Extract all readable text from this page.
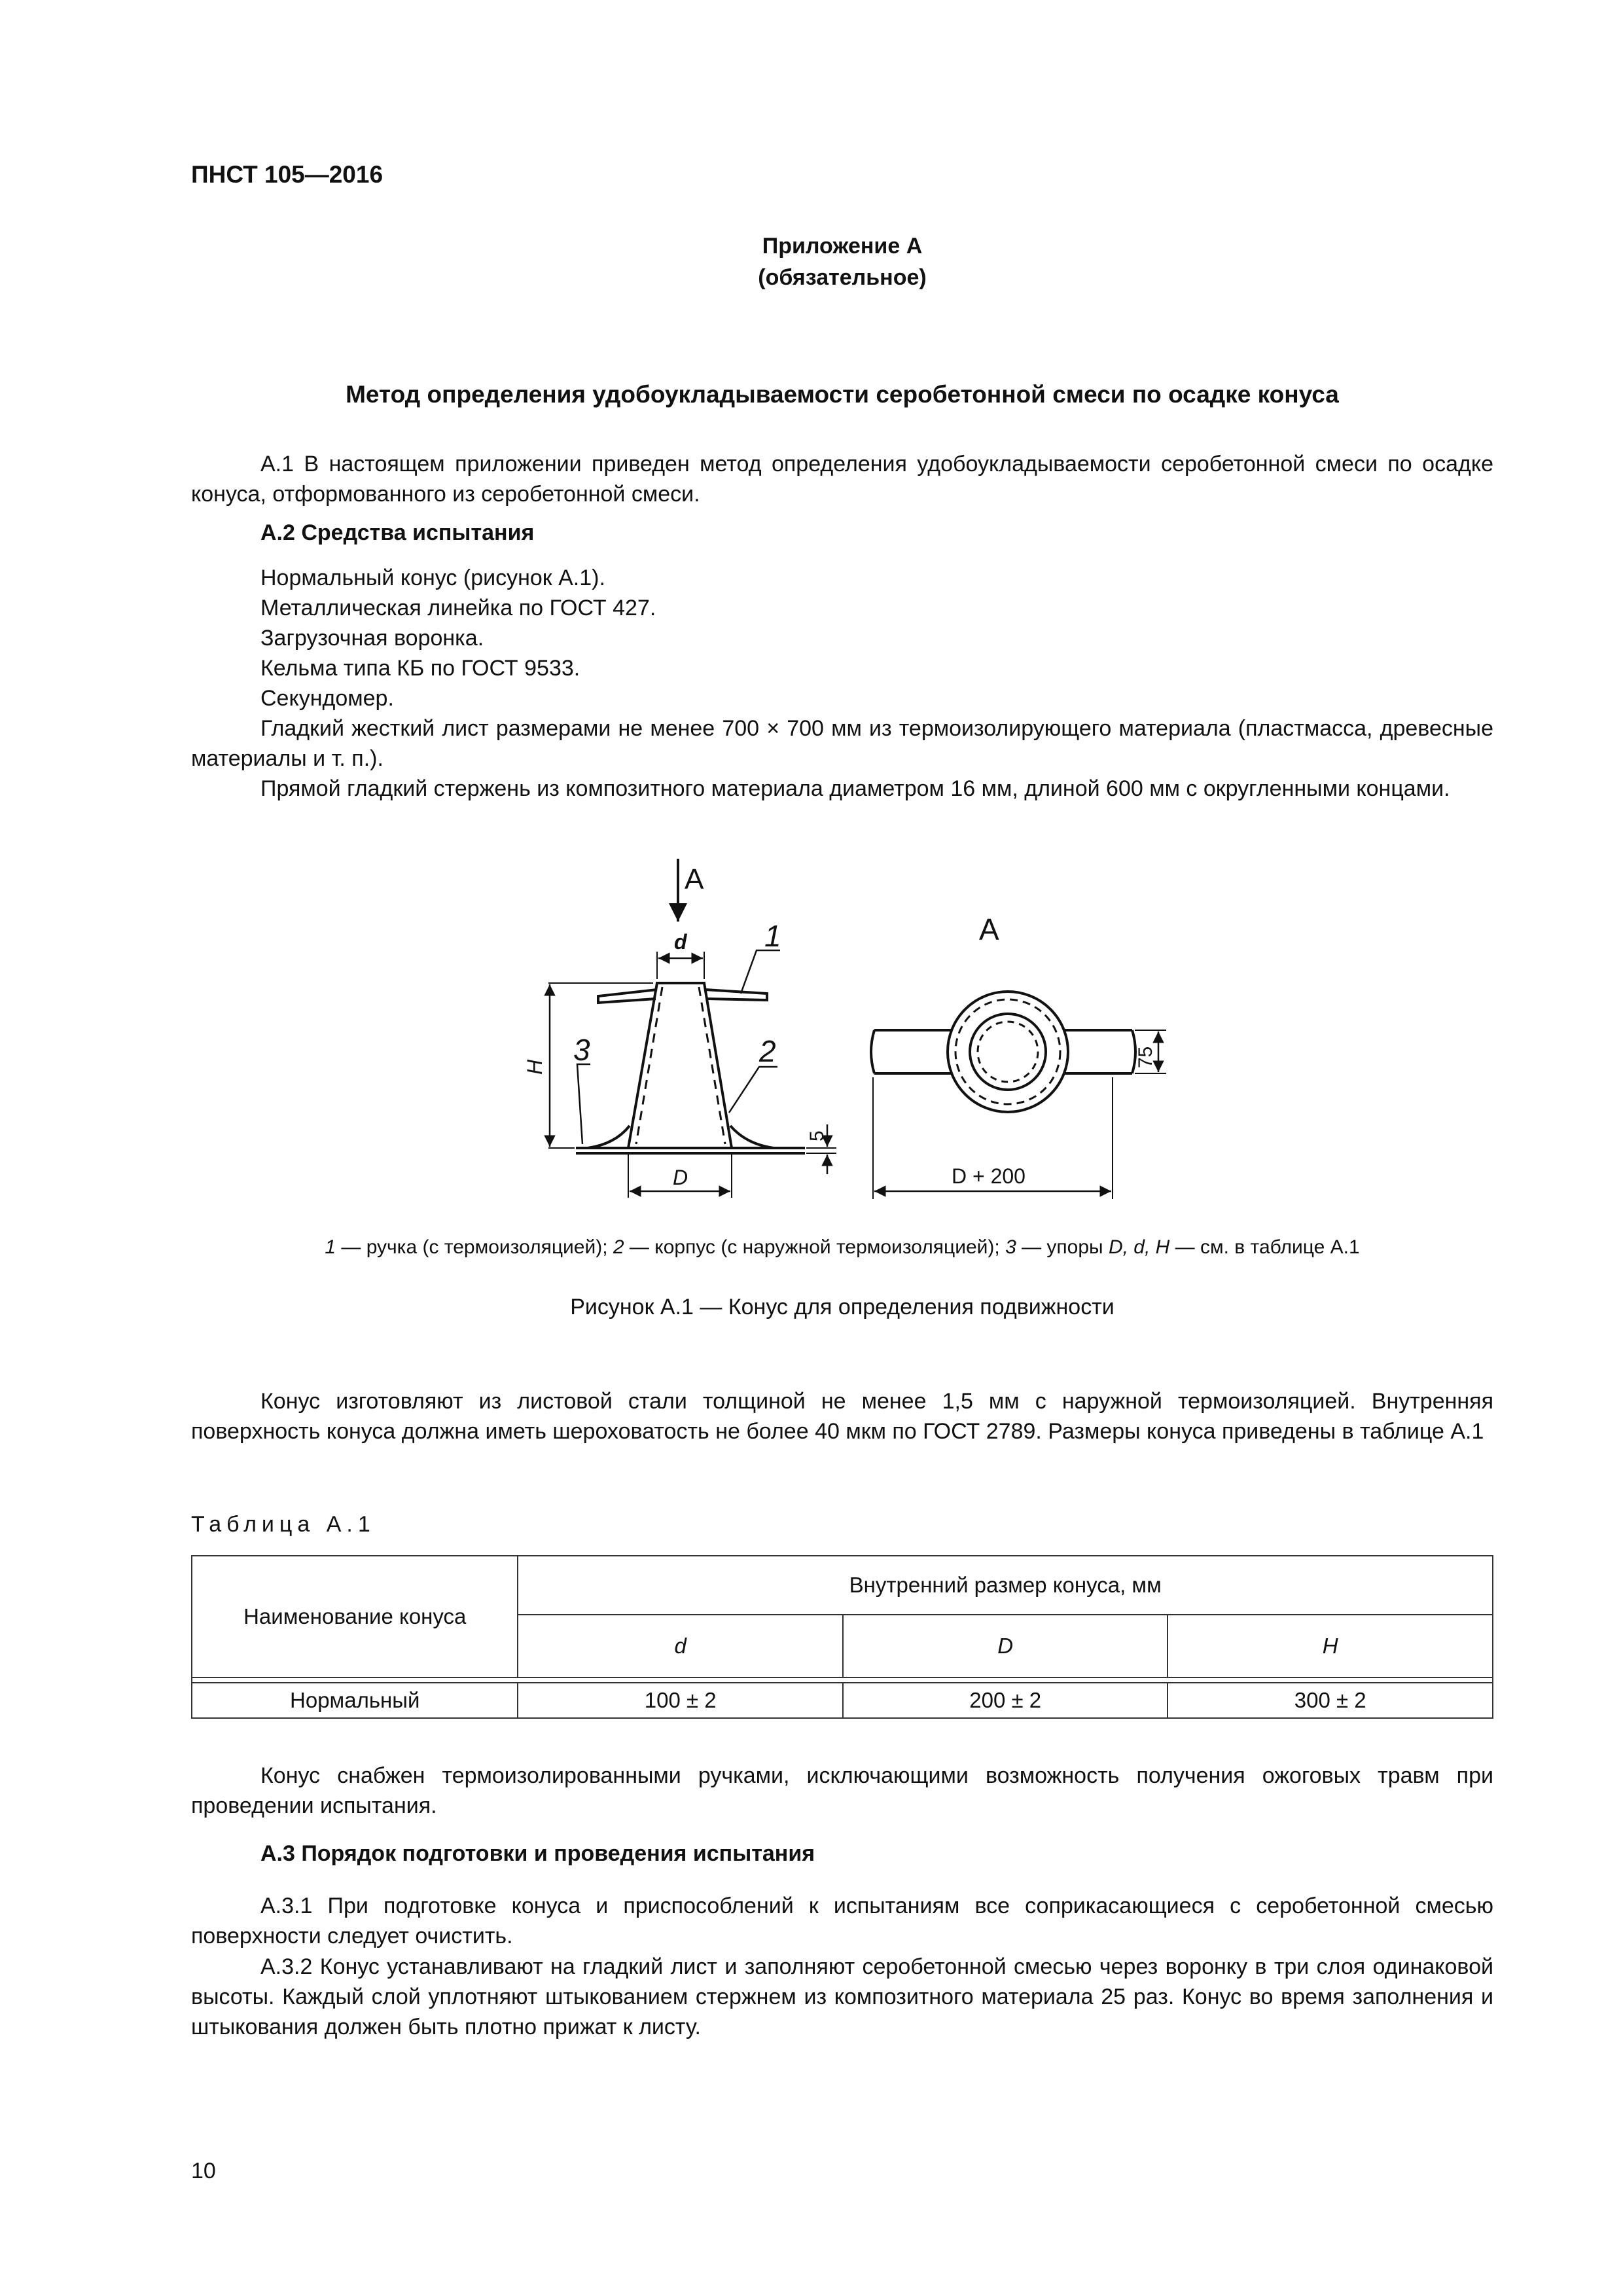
ПНСТ 105—2016
Приложение А
(обязательное)
Метод определения удобоукладываемости серобетонной смеси по осадке конуса
А.1 В настоящем приложении приведен метод определения удобоукладываемости серобетонной смеси по осадке конуса, отформованного из серобетонной смеси.
А.2 Средства испытания
Нормальный конус (рисунок А.1).
Металлическая линейка по ГОСТ 427.
Загрузочная воронка.
Кельма типа КБ по ГОСТ 9533.
Секундомер.
Гладкий жесткий лист размерами не менее 700 × 700 мм из термоизолирующего материала (пластмасса, древесные материалы и т. п.).
Прямой гладкий стержень из композитного материала диаметром 16 мм, длиной 600 мм с округленными концами.
А
А
d
D
H
5
75
D + 200
1
2
3
1 — ручка (с термоизоляцией); 2 — корпус (с наружной термоизоляцией); 3 — упоры D, d, H — см. в таблице А.1
Рисунок А.1 — Конус для определения подвижности
Конус изготовляют из листовой стали толщиной не менее 1,5 мм с наружной термоизоляцией. Внутренняя поверхность конуса должна иметь шероховатость не более 40 мкм по ГОСТ 2789. Размеры конуса приведены в таблице А.1
Таблица А.1
Наименование конуса	Внутренний размер конуса, мм		
	d	D	H

Нормальный	100 ± 2	200 ± 2	300 ± 2
Конус снабжен термоизолированными ручками, исключающими возможность получения ожоговых травм при проведении испытания.
А.3 Порядок подготовки и проведения испытания
А.3.1 При подготовке конуса и приспособлений к испытаниям все соприкасающиеся с серобетонной смесью поверхности следует очистить.
А.3.2 Конус устанавливают на гладкий лист и заполняют серобетонной смесью через воронку в три слоя одинаковой высоты. Каждый слой уплотняют штыкованием стержнем из композитного материала 25 раз. Конус во время заполнения и штыкования должен быть плотно прижат к листу.
10
